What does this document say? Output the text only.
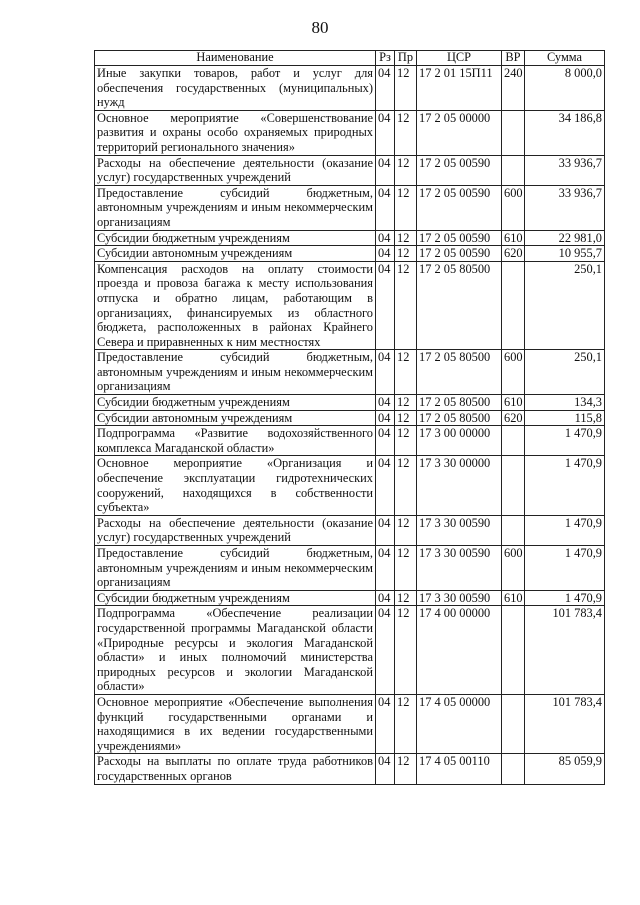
80
Наименование	Рз	Пр	ЦСР	ВР	Сумма
Иные закупки товаров, работ и услуг для обеспечения государственных (муниципальных) нужд	04	12	17 2 01 15П11	240	8 000,0
Основное мероприятие «Совершенствование развития и охраны особо охраняемых природных территорий регионального значения»	04	12	17 2 05 00000		34 186,8
Расходы на обеспечение деятельности (оказание услуг) государственных учреждений	04	12	17 2 05 00590		33 936,7
Предоставление субсидий бюджетным, автономным учреждениям и иным некоммерческим организациям	04	12	17 2 05 00590	600	33 936,7
Субсидии бюджетным учреждениям	04	12	17 2 05 00590	610	22 981,0
Субсидии автономным учреждениям	04	12	17 2 05 00590	620	10 955,7
Компенсация расходов на оплату стоимости проезда и провоза багажа к месту использования отпуска и обратно лицам, работающим в организациях, финансируемых из областного бюджета, расположенных в районах Крайнего Севера и приравненных к ним местностях	04	12	17 2 05 80500		250,1
Предоставление субсидий бюджетным, автономным учреждениям и иным некоммерческим организациям	04	12	17 2 05 80500	600	250,1
Субсидии бюджетным учреждениям	04	12	17 2 05 80500	610	134,3
Субсидии автономным учреждениям	04	12	17 2 05 80500	620	115,8
Подпрограмма «Развитие водохозяйственного комплекса Магаданской области»	04	12	17 3 00 00000		1 470,9
Основное мероприятие «Организация и обеспечение эксплуатации гидротехнических сооружений, находящихся в собственности субъекта»	04	12	17 3 30 00000		1 470,9
Расходы на обеспечение деятельности (оказание услуг) государственных учреждений	04	12	17 3 30 00590		1 470,9
Предоставление субсидий бюджетным, автономным учреждениям и иным некоммерческим организациям	04	12	17 3 30 00590	600	1 470,9
Субсидии бюджетным учреждениям	04	12	17 3 30 00590	610	1 470,9
Подпрограмма «Обеспечение реализации государственной программы Магаданской области «Природные ресурсы и экология Магаданской области» и иных полномочий министерства природных ресурсов и экологии Магаданской области»	04	12	17 4 00 00000		101 783,4
Основное мероприятие «Обеспечение выполнения функций государственными органами и находящимися в их ведении государственными учреждениями»	04	12	17 4 05 00000		101 783,4
Расходы на выплаты по оплате труда работников государственных органов	04	12	17 4 05 00110		85 059,9
